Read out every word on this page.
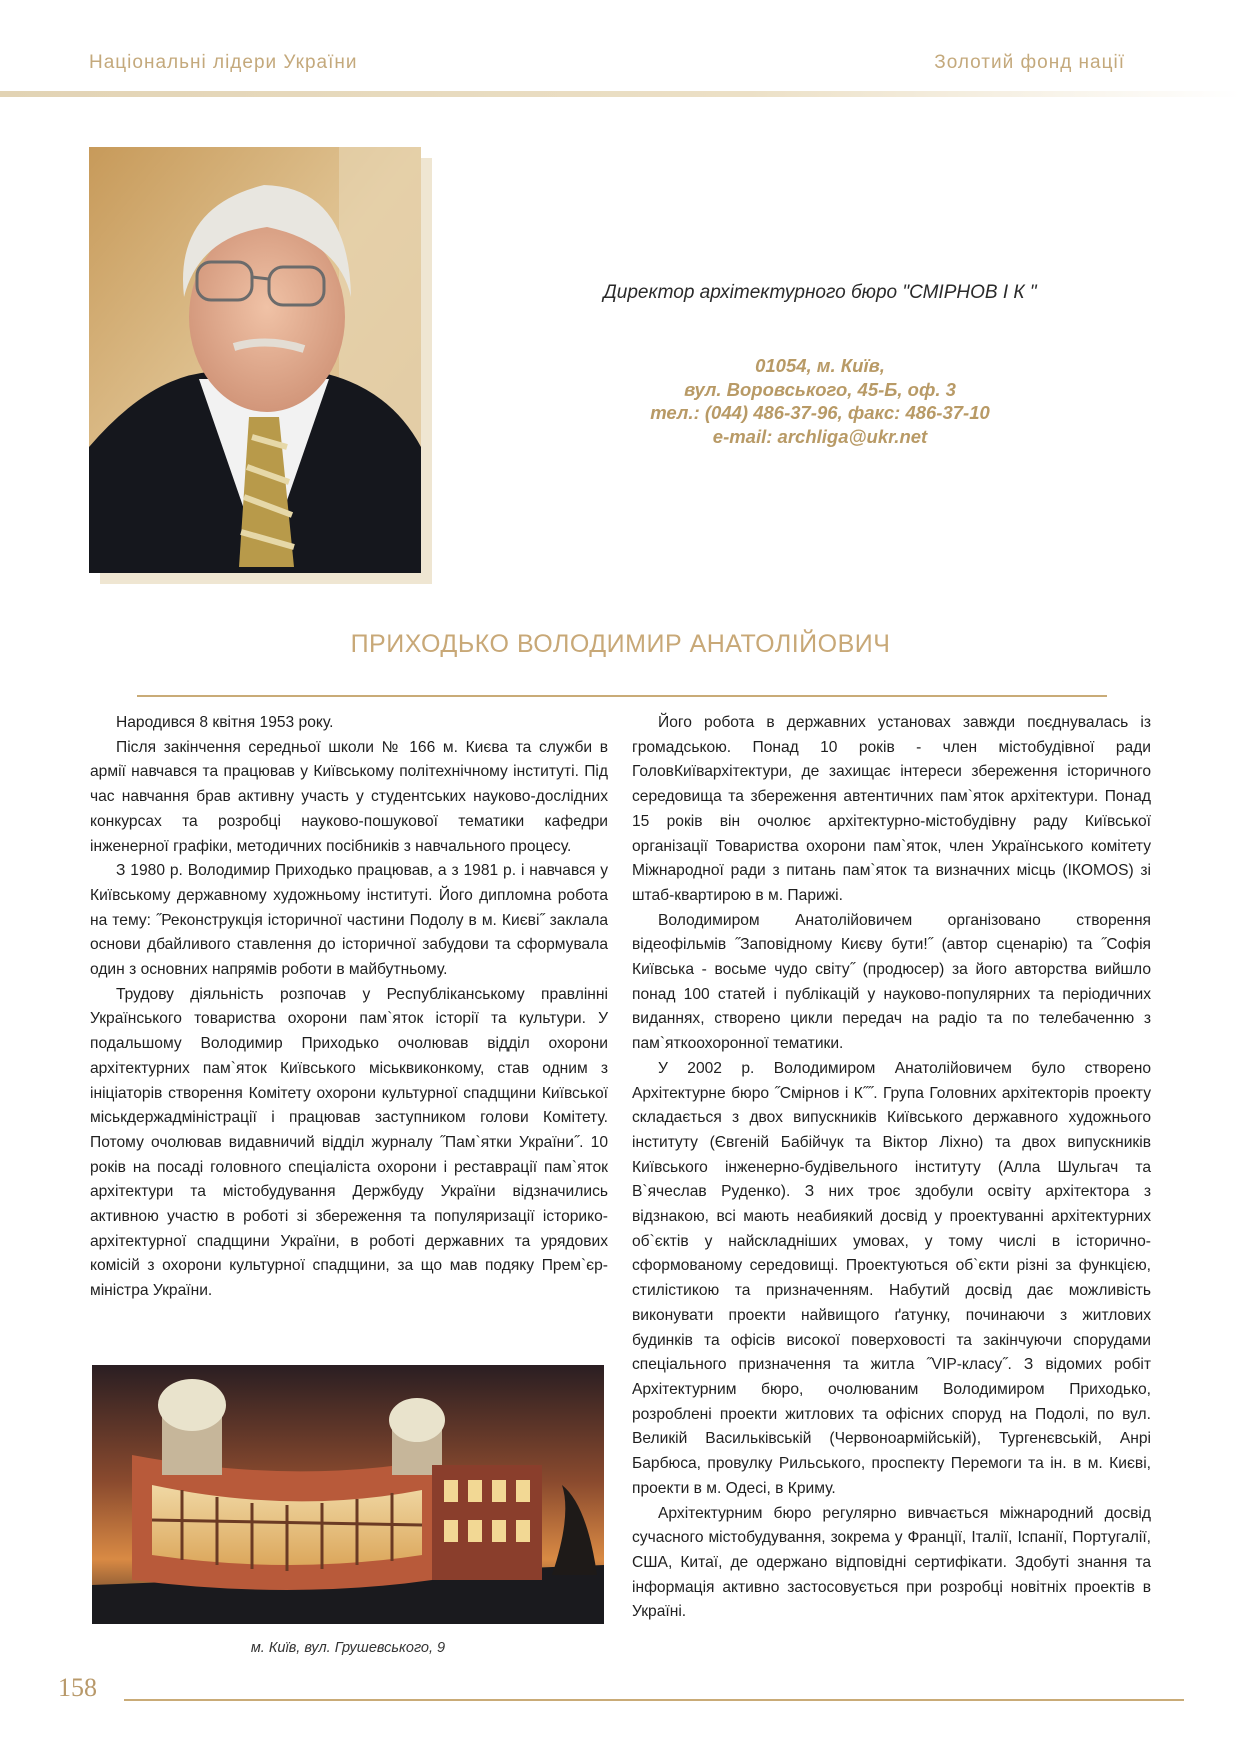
Національні лідери України	Золотий фонд нації
Директор архітектурного бюро "СМІРНОВ І К "
01054, м. Київ,
вул. Воровського, 45-Б, оф. 3
тел.: (044) 486-37-96, факс: 486-37-10
e-mail: archliga@ukr.net
ПРИХОДЬКО ВОЛОДИМИР АНАТОЛІЙОВИЧ

Народився 8 квітня 1953 року.

Після закінчення середньої школи № 166 м. Києва та служби в армії навчався та працював у Київському політехнічному інституті. Під час навчання брав активну участь у студентських науково-дослідних конкурсах та розробці науково-пошукової тематики кафедри інженерної графіки, методичних посібників з навчального процесу.

З 1980 р. Володимир Приходько працював, а з 1981 р. і навчався у Київському державному художньому інституті. Його дипломна робота на тему: ˝Реконструкція історичної частини Подолу в м. Києві˝ заклала основи дбайливого ставлення до історичної забудови та сформувала один з основних напрямів роботи в майбутньому.

Трудову діяльність розпочав у Республіканському правлінні Українського товариства охорони пам`яток історії та культури. У подальшому Володимир Приходько очолював відділ охорони архітектурних пам`яток Київського міськвиконкому, став одним з ініціаторів створення Комітету охорони культурної спадщини Київської міськдержадміністрації і працював заступником голови Комітету. Потому очолював видавничий відділ журналу ˝Пам`ятки України˝. 10 років на посаді головного спеціаліста охорони і реставрації пам`яток архітектури та містобудування Держбуду України відзначились активною участю в роботі зі збереження та популяризації історико-архітектурної спадщини України, в роботі державних та урядових комісій з охорони культурної спадщини, за що мав подяку Прем`єр-міністра України.

м. Київ, вул. Грушевського, 9

Його робота в державних установах завжди поєднувалась із громадською. Понад 10 років - член містобудівної ради ГоловКиївархітектури, де захищає інтереси збереження історичного середовища та збереження автентичних пам`яток архітектури. Понад 15 років він очолює архітектурно-містобудівну раду Київської організації Товариства охорони пам`яток, член Українського комітету Міжнародної ради з питань пам`яток та визначних місць (ІКОМОS) зі штаб-квартирою в м. Парижі.

Володимиром Анатолійовичем організовано створення відеофільмів ˝Заповідному Києву бути!˝ (автор сценарію) та ˝Софія Київська - восьме чудо світу˝ (продюсер) за його авторства вийшло понад 100 статей і публікацій у науково-популярних та періодичних виданнях, створено цикли передач на радіо та по телебаченню з пам`яткоохоронної тематики.

У 2002 р. Володимиром Анатолійовичем було створено Архітектурне бюро ˝Смірнов і К˝˝. Група Головних архітекторів проекту складається з двох випускників Київського державного художнього інституту (Євгеній Бабійчук та Віктор Ліхно) та двох випускників Київського інженерно-будівельного інституту (Алла Шульгач та В`ячеслав Руденко). З них троє здобули освіту архітектора з відзнакою, всі мають неабиякий досвід у проектуванні архітектурних об`єктів у найскладніших умовах, у тому числі в історично-сформованому середовищі. Проектуються об`єкти різні за функцією, стилістикою та призначенням. Набутий досвід дає можливість виконувати проекти найвищого ґатунку, починаючи з житлових будинків та офісів високої поверховості та закінчуючи спорудами спеціального призначення та житла ˝VIP-класу˝. З відомих робіт Архітектурним бюро, очолюваним Володимиром Приходько, розроблені проекти житлових та офісних споруд на Подолі, по вул. Великій Васильківській (Червоноармійській), Тургенєвській, Анрі Барбюса, провулку Рильського, проспекту Перемоги та ін. в м. Києві, проекти в м. Одесі, в Криму.

Архітектурним бюро регулярно вивчається міжнародний досвід сучасного містобудування, зокрема у Франції, Італії, Іспанії, Португалії, США, Китаї, де одержано відповідні сертифікати. Здобуті знання та інформація активно застосовується при розробці новітніх проектів в Україні.

158
